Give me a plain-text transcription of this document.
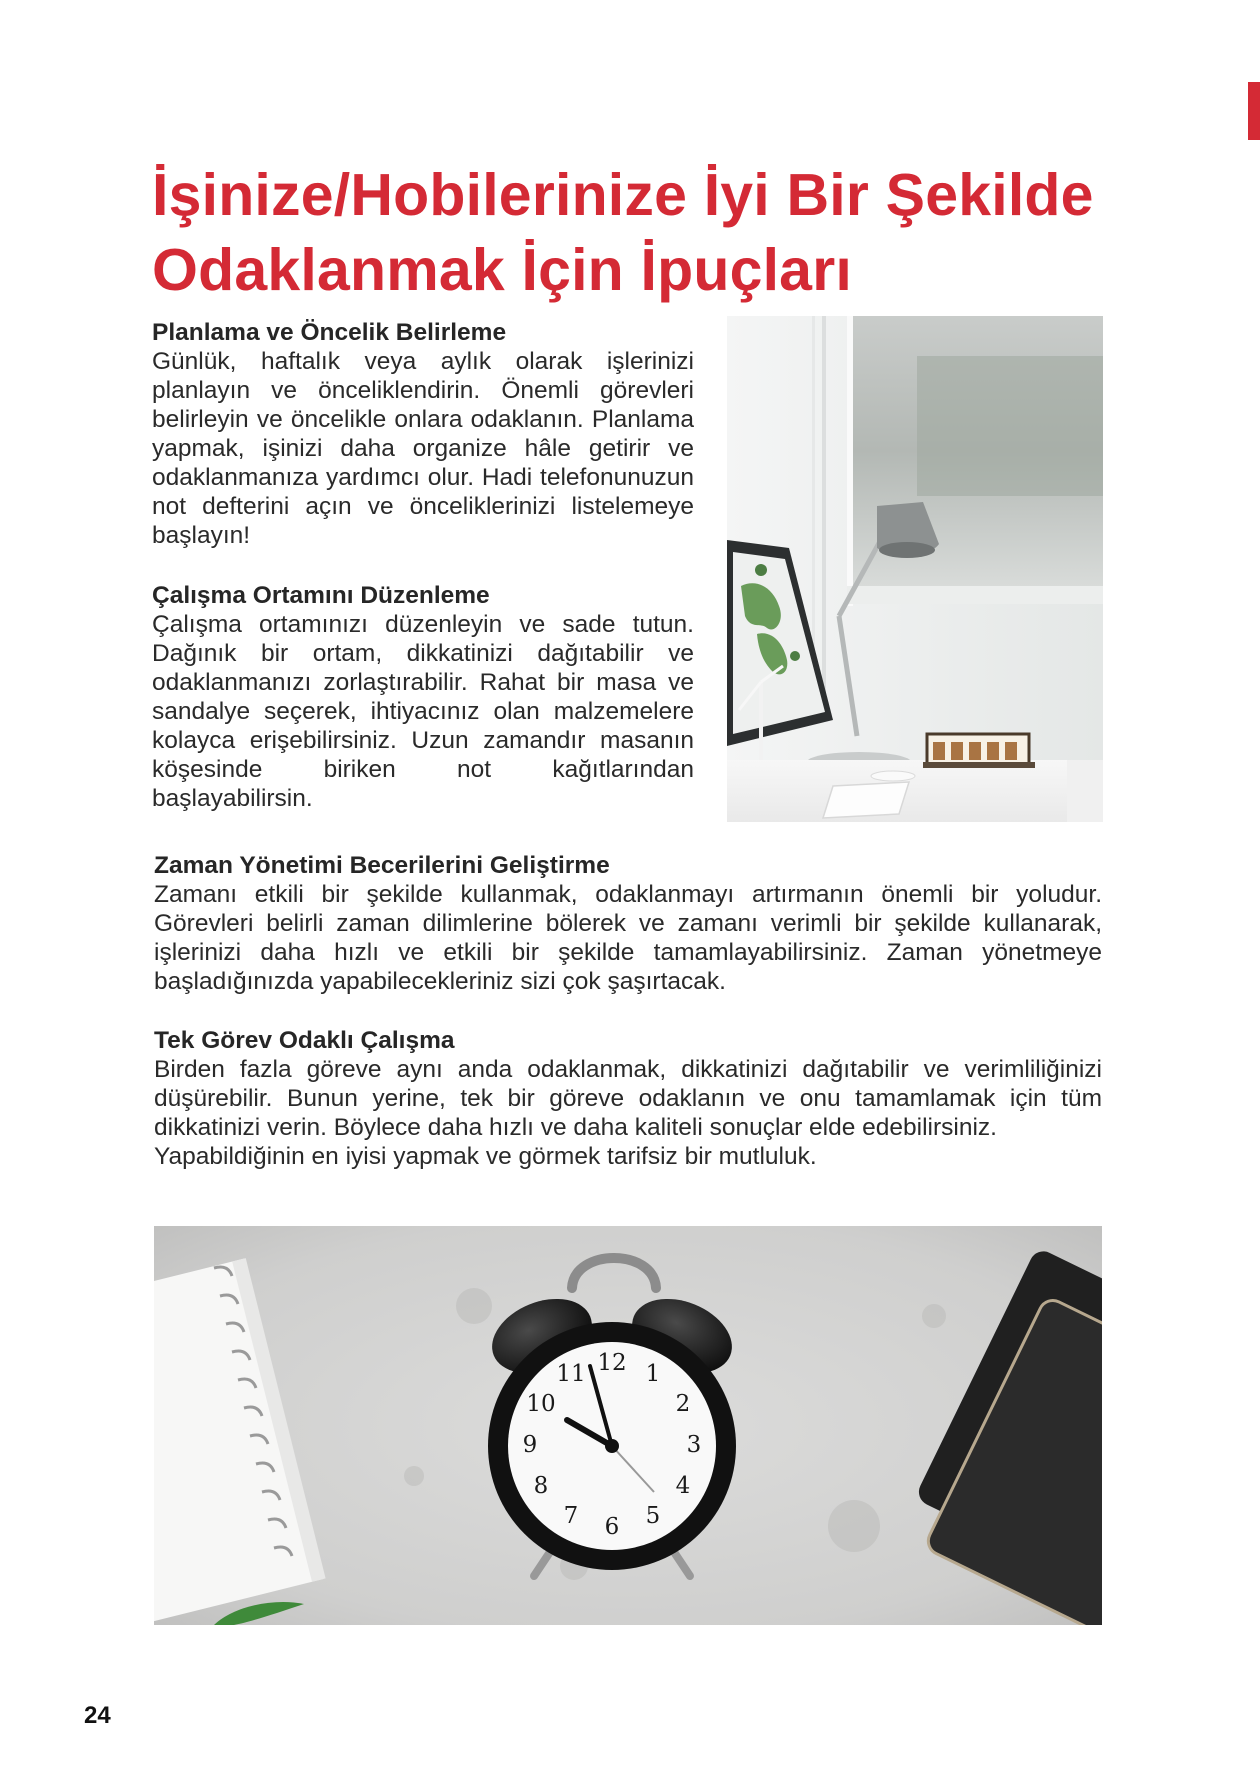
İşinize/Hobilerinize İyi Bir Şekilde
Odaklanmak İçin İpuçları
Planlama ve Öncelik Belirleme

Günlük, haftalık veya aylık olarak işlerinizi planlayın ve önceliklendirin. Önemli görevleri belirleyin ve öncelikle onlara odaklanın. Planlama yapmak, işinizi daha organize hâle getirir ve odaklanmanıza yardımcı olur. Hadi telefonunuzun not defterini açın ve önceliklerinizi listelemeye başlayın!

Çalışma Ortamını Düzenleme

Çalışma ortamınızı düzenleyin ve sade tutun. Dağınık bir ortam, dikkatinizi dağıtabilir ve odaklanmanızı zorlaştırabilir. Rahat bir masa ve sandalye seçerek, ihtiyacınız olan malzemelere kolayca erişebilirsiniz. Uzun zamandır masanın köşesinde biriken not kağıtlarından başlayabilirsin.

Zaman Yönetimi Becerilerini Geliştirme

Zamanı etkili bir şekilde kullanmak, odaklanmayı artırmanın önemli bir yoludur. Görevleri belirli zaman dilimlerine bölerek ve zamanı verimli bir şekilde kullanarak, işlerinizi daha hızlı ve etkili bir şekilde tamamlayabilirsiniz. Zaman yönetmeye başladığınızda yapabilecekleriniz sizi çok şaşırtacak.

Tek Görev Odaklı Çalışma

Birden fazla göreve aynı anda odaklanmak, dikkatinizi dağıtabilir ve verimliliğinizi düşürebilir. Bunun yerine, tek bir göreve odaklanın ve onu tamamlamak için tüm dikkatinizi verin. Böylece daha hızlı ve daha kaliteli sonuçlar elde edebilirsiniz.

Yapabildiğinin en iyisi yapmak ve görmek tarifsiz bir mutluluk.

12 1
2
3
4
5
6
7
8
9
10
11
24
